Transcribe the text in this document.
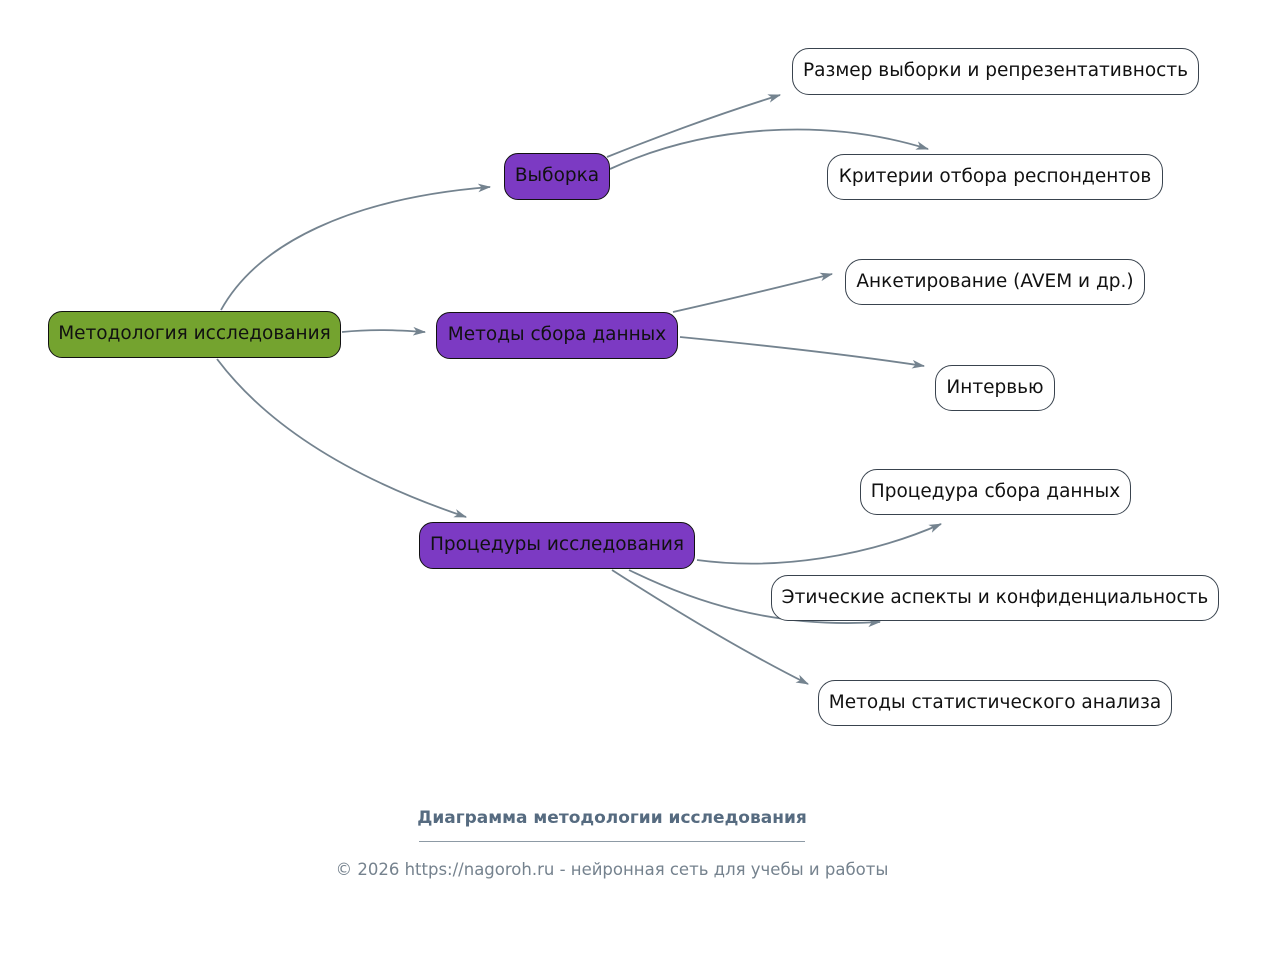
Методология исследования
Выборка
Методы сбора данных
Процедуры исследования
Размер выборки и репрезентативность
Критерии отбора респондентов
Анкетирование (AVEM и др.)
Интервью
Процедура сбора данных
Этические аспекты и конфиденциальность
Методы статистического анализа
Диаграмма методологии исследования
© 2026 https://nagoroh.ru - нейронная сеть для учебы и работы
